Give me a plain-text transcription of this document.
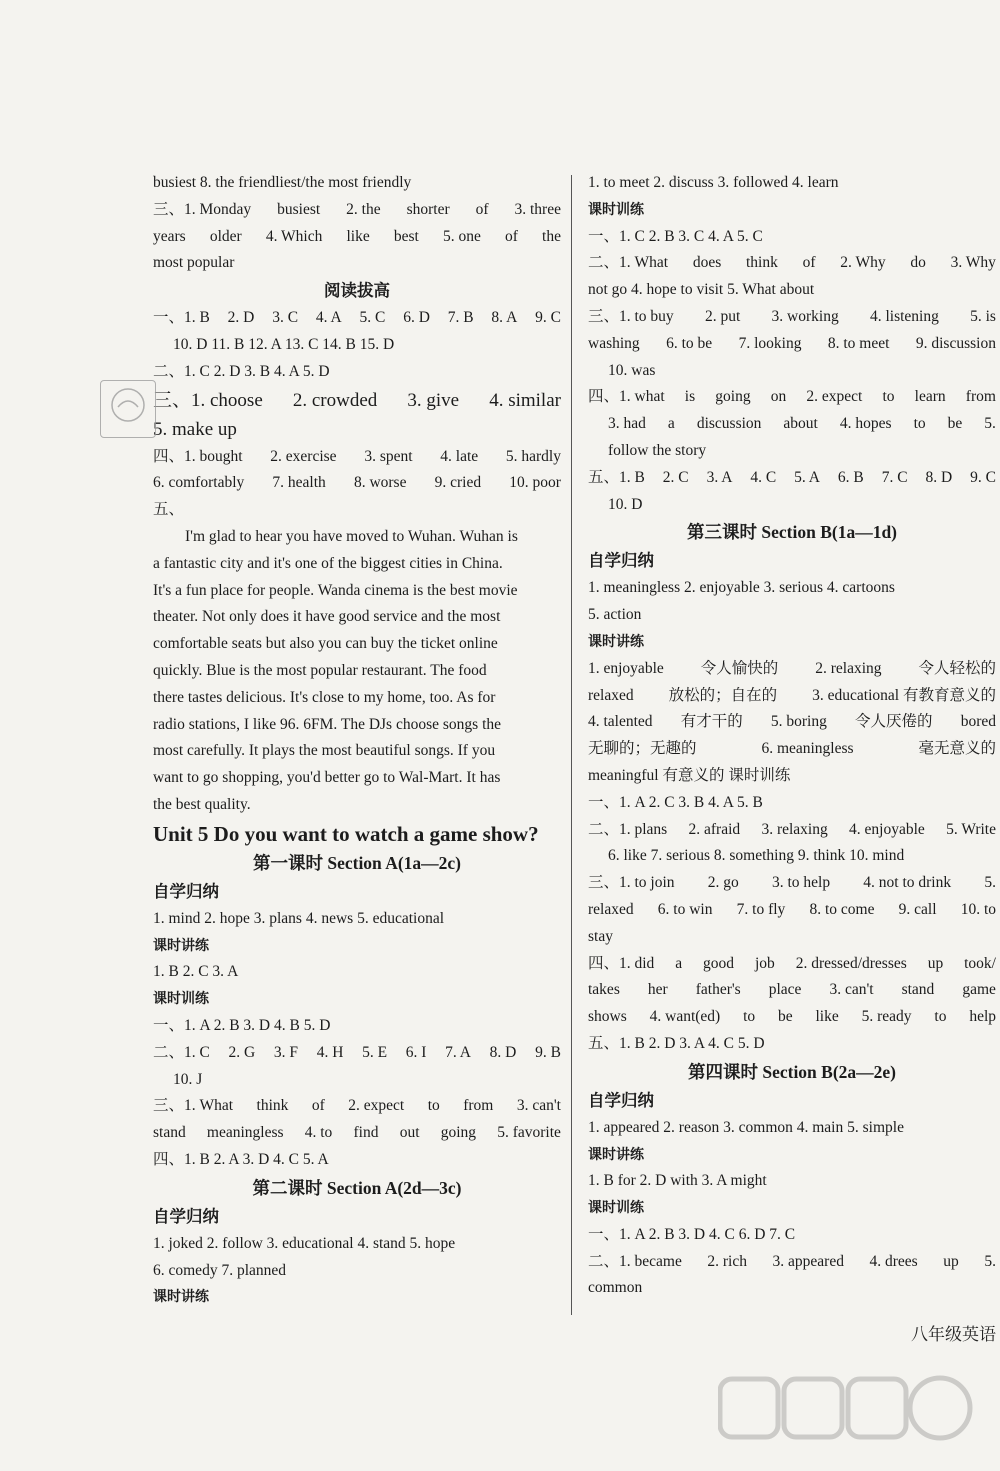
busiest 8. the friendliest/the most friendly
三、1. Monday busiest 2. the shorter of 3. three
years older 4. Which like best 5. one of the
most popular
阅读拔高
一、1. B 2. D 3. C 4. A 5. C 6. D 7. B 8. A 9. C
10. D 11. B 12. A 13. C 14. B 15. D
二、1. C 2. D 3. B 4. A 5. D
三、1. choose 2. crowded 3. give 4. similar
5. make up
四、1. bought 2. exercise 3. spent 4. late 5. hardly
6. comfortably 7. health 8. worse 9. cried 10. poor
五、
I'm glad to hear you have moved to Wuhan. Wuhan is
a fantastic city and it's one of the biggest cities in China.
It's a fun place for people. Wanda cinema is the best movie
theater. Not only does it have good service and the most
comfortable seats but also you can buy the ticket online
quickly. Blue is the most popular restaurant. The food
there tastes delicious. It's close to my home, too. As for
radio stations, I like 96. 6FM. The DJs choose songs the
most carefully. It plays the most beautiful songs. If you
want to go shopping, you'd better go to Wal-Mart. It has
the best quality.
Unit 5 Do you want to watch a game show?
第一课时 Section A(1a—2c)
自学归纳
1. mind 2. hope 3. plans 4. news 5. educational
课时讲练
1. B 2. C 3. A
课时训练
一、1. A 2. B 3. D 4. B 5. D
二、1. C 2. G 3. F 4. H 5. E 6. I 7. A 8. D 9. B
10. J
三、1. What think of 2. expect to from 3. can't
stand meaningless 4. to find out going 5. favorite
四、1. B 2. A 3. D 4. C 5. A
第二课时 Section A(2d—3c)
自学归纳
1. joked 2. follow 3. educational 4. stand 5. hope
6. comedy 7. planned
课时讲练
1. to meet 2. discuss 3. followed 4. learn
课时训练
一、1. C 2. B 3. C 4. A 5. C
二、1. What does think of 2. Why do 3. Why
not go 4. hope to visit 5. What about
三、1. to buy 2. put 3. working 4. listening 5. is
washing 6. to be 7. looking 8. to meet 9. discussion
10. was
四、1. what is going on 2. expect to learn from
3. had a discussion about 4. hopes to be 5.
follow the story
五、1. B 2. C 3. A 4. C 5. A 6. B 7. C 8. D 9. C
10. D
第三课时 Section B(1a—1d)
自学归纳
1. meaningless 2. enjoyable 3. serious 4. cartoons
5. action
课时讲练
1. enjoyable 令人愉快的 2. relaxing 令人轻松的
relaxed 放松的；自在的 3. educational 有教育意义的
4. talented 有才干的 5. boring 令人厌倦的 bored
无聊的；无趣的	6. meaningless	毫无意义的
meaningful 有意义的 课时训练
一、1. A 2. C 3. B 4. A 5. B
二、1. plans 2. afraid 3. relaxing 4. enjoyable 5. Write
6. like 7. serious 8. something 9. think 10. mind
三、1. to join 2. go 3. to help 4. not to drink 5.
relaxed 6. to win 7. to fly 8. to come 9. call 10. to
stay
四、1. did a good job 2. dressed/dresses up took/
takes her father's place 3. can't stand game
shows 4. want(ed) to be like 5. ready to help
五、1. B 2. D 3. A 4. C 5. D
第四课时 Section B(2a—2e)
自学归纳
1. appeared 2. reason 3. common 4. main 5. simple
课时讲练
1. B for 2. D with 3. A might
课时训练
一、1. A 2. B 3. D 4. C 6. D 7. C
二、1. became 2. rich 3. appeared 4. drees up 5.
common
八年级英语
